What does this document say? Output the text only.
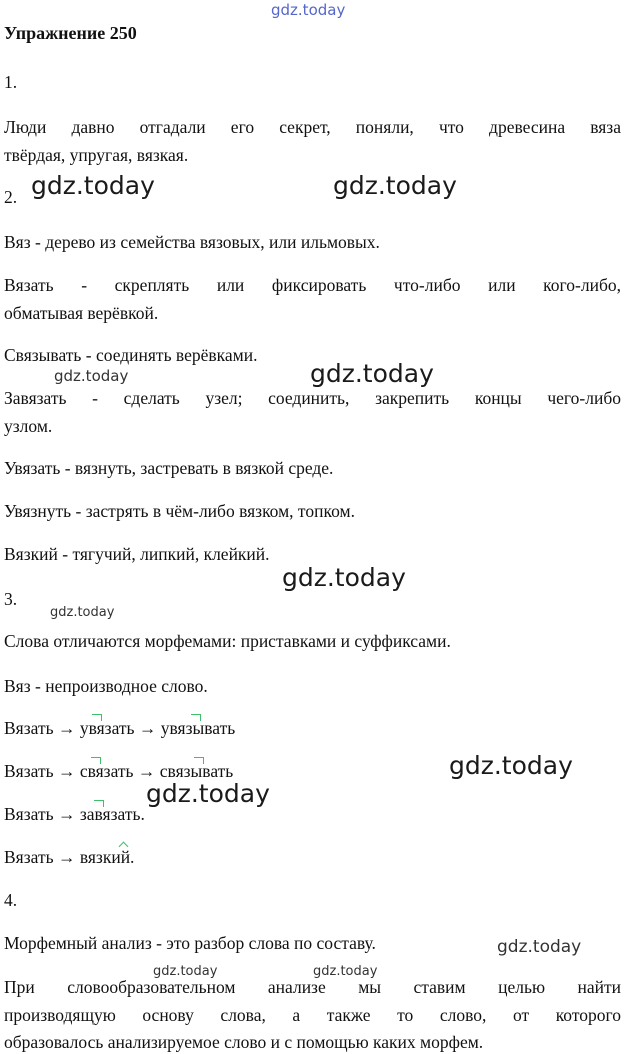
gdz.today
gdz.today	gdz.today
gdz.today	gdz.today
gdz.today
gdz.today
gdz.today
gdz.today
gdz.today
gdz.today	gdz.today
Упражнение 250
1.
Люди давно отгадали его секрет, поняли, что древесина вяза
твёрдая, упругая, вязкая.
2.
Вяз - дерево из семейства вязовых, или ильмовых.
Вязать - скреплять или фиксировать что-либо или кого-либо,
обматывая верёвкой.
Связывать - соединять верёвками.
Завязать - сделать узел; соединить, закрепить концы чего-либо
узлом.
Увязать - вязнуть, застревать в вязкой среде.
Увязнуть - застрять в чём-либо вязком, топком.
Вязкий - тягучий, липкий, клейкий.
3.
Слова отличаются морфемами: приставками и суффиксами.
Вяз - непроизводное слово.
Вязать → увязать → увязывать
Вязать → связать → связывать
Вязать → завязать.
Вязать → вязкий.
4.
Морфемный анализ - это разбор слова по составу.
При словообразовательном анализе мы ставим целью найти
производящую основу слова, а также то слово, от которого
образовалось анализируемое слово и с помощью каких морфем.
